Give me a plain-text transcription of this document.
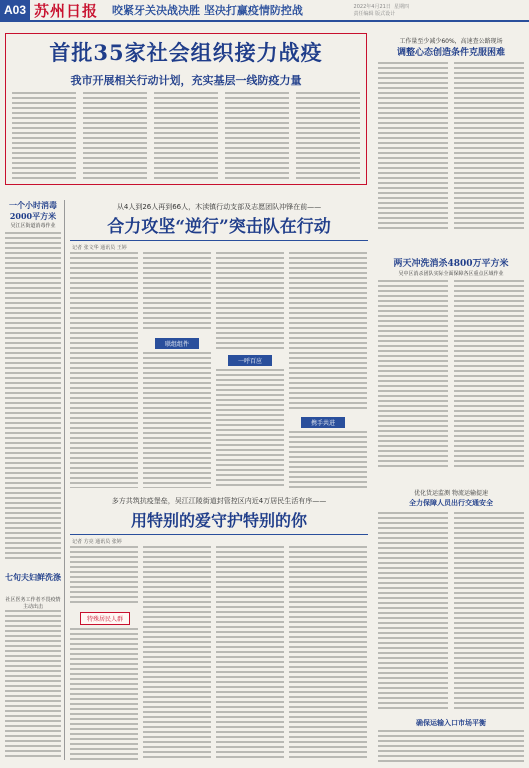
A03 苏州日报 咬紧牙关决战决胜 坚决打赢疫情防控战	2022年4月21日  星期四
责任编辑 版式设计
首批35家社会组织接力战疫
我市开展相关行动计划，充实基层一线防疫力量
工作量至少减少60%，高速查公路现场
调整心态创造条件克服困难
一个小时消毒2000平方米
吴江区街道消毒作业
七旬夫妇鲜洗涤
社区医务工作者不畏疫情主动出击
从4人到26人再到66人，木渎镇行动支部及志愿团队冲锋在前——
合力攻坚“逆行”突击队在行动
记者 张文华 通讯员 王婷
联组组件
一呼百应
携手共进
两天冲洗消杀4800万平方米
吴中区消杀团队实际全面保障各区重点区域作业
多方共筑抗疫堡垒，吴江江陵街道封管控区内近4万居民生活有序——
用特别的爱守护特别的你
记者 方亮 通讯员 张婷
特殊居民人群
优化货运监测 物流运输提速
全力保障人员出行交通安全
确保运输入口市场平衡
